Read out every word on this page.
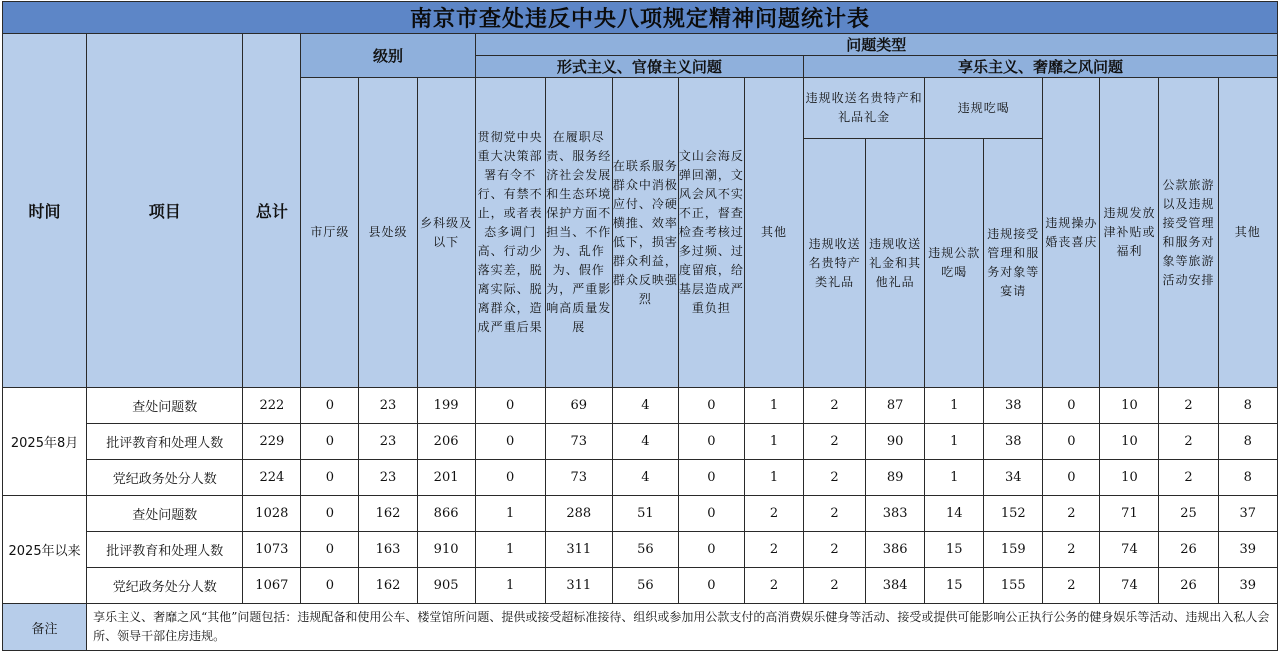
南京市查处违反中央八项规定精神问题统计表																		
时间	项目	总计	级别			问题类型												
						形式主义、官僚主义问题					享乐主义、奢靡之风问题							
			市厅级	县处级	乡科级及以下	贯彻党中央重大决策部署有令不行、有禁不止，或者表态多调门高、行动少落实差，脱离实际、脱离群众，造成严重后果	在履职尽责、服务经济社会发展和生态环境保护方面不担当、不作为、乱作为、假作为，严重影响高质量发展	在联系服务群众中消极应付、冷硬横推、效率低下，损害群众利益，群众反映强烈	文山会海反弹回潮，文风会风不实不正，督查检查考核过多过频、过度留痕，给基层造成严重负担	其他	违规收送名贵特产和礼品礼金		违规吃喝		违规操办婚丧喜庆	违规发放津补贴或福利	公款旅游以及违规接受管理和服务对象等旅游活动安排	其他
											违规收送名贵特产类礼品	违规收送礼金和其他礼品	违规公款吃喝	违规接受管理和服务对象等宴请				

2025年8月	查处问题数	222	0	23	199	0	69	4	0	1	2	87	1	38	0	10	2	8
	批评教育和处理人数	229	0	23	206	0	73	4	0	1	2	90	1	38	0	10	2	8
	党纪政务处分人数	224	0	23	201	0	73	4	0	1	2	89	1	34	0	10	2	8
2025年以来	查处问题数	1028	0	162	866	1	288	51	0	2	2	383	14	152	2	71	25	37
	批评教育和处理人数	1073	0	163	910	1	311	56	0	2	2	386	15	159	2	74	26	39
	党纪政务处分人数	1067	0	162	905	1	311	56	0	2	2	384	15	155	2	74	26	39
备注	享乐主义、奢靡之风“其他”问题包括：违规配备和使用公车、楼堂馆所问题、提供或接受超标准接待、组织或参加用公款支付的高消费娱乐健身等活动、接受或提供可能影响公正执行公务的健身娱乐等活动、违规出入私人会所、领导干部住房违规。																	
